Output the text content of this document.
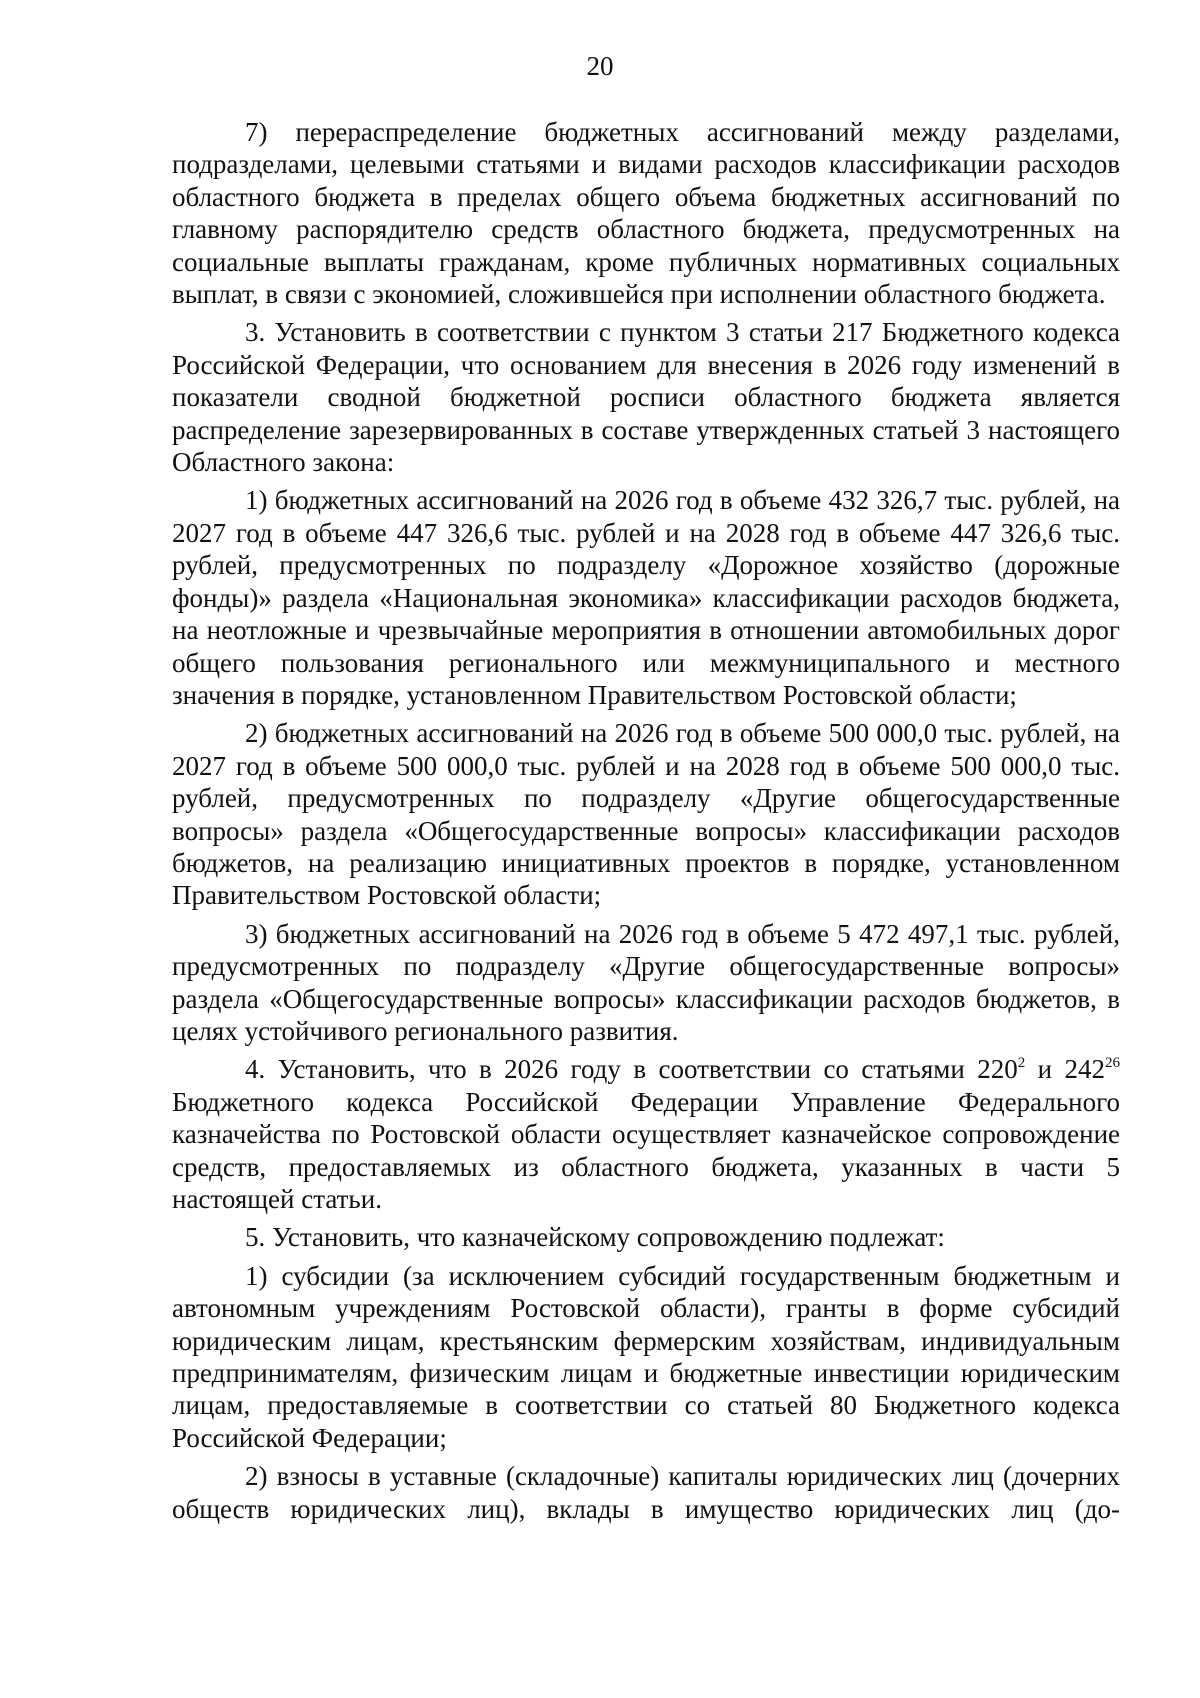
20

7) перераспределение бюджетных ассигнований между разделами, подразделами, целевыми статьями и видами расходов классификации расходов областного бюджета в пределах общего объема бюджетных ассигнований по главному распорядителю средств областного бюджета, предусмотренных на социальные выплаты гражданам, кроме публичных нормативных социальных выплат, в связи с экономией, сложившейся при исполнении областного бюджета.

3. Установить в соответствии с пунктом 3 статьи 217 Бюджетного кодекса Российской Федерации, что основанием для внесения в 2026 году изменений в показатели сводной бюджетной росписи областного бюджета является распределение зарезервированных в составе утвержденных статьей 3 настоящего Областного закона:

1) бюджетных ассигнований на 2026 год в объеме 432 326,7 тыс. рублей, на 2027 год в объеме 447 326,6 тыс. рублей и на 2028 год в объеме 447 326,6 тыс. рублей, предусмотренных по подразделу «Дорожное хозяйство (дорожные фонды)» раздела «Национальная экономика» классификации расходов бюджета, на неотложные и чрезвычайные мероприятия в отношении автомобильных дорог общего пользования регионального или межмуниципального и местного значения в порядке, установленном Правительством Ростовской области;

2) бюджетных ассигнований на 2026 год в объеме 500 000,0 тыс. рублей, на 2027 год в объеме 500 000,0 тыс. рублей и на 2028 год в объеме 500 000,0 тыс. рублей, предусмотренных по подразделу «Другие общегосударственные вопросы» раздела «Общегосударственные вопросы» классификации расходов бюджетов, на реализацию инициативных проектов в порядке, установленном Правительством Ростовской области;

3) бюджетных ассигнований на 2026 год в объеме 5 472 497,1 тыс. рублей, предусмотренных по подразделу «Другие общегосударственные вопросы» раздела «Общегосударственные вопросы» классификации расходов бюджетов, в целях устойчивого регионального развития.

4. Установить, что в 2026 году в соответствии со статьями $220^2$ и $242^{26}$ Бюджетного кодекса Российской Федерации Управление Федерального казначейства по Ростовской области осуществляет казначейское сопровождение средств, предоставляемых из областного бюджета, указанных в части 5 настоящей статьи.

5. Установить, что казначейскому сопровождению подлежат:

1) субсидии (за исключением субсидий государственным бюджетным и автономным учреждениям Ростовской области), гранты в форме субсидий юридическим лицам, крестьянским фермерским хозяйствам, индивидуальным предпринимателям, физическим лицам и бюджетные инвестиции юридическим лицам, предоставляемые в соответствии со статьей 80 Бюджетного кодекса Российской Федерации;

2) взносы в уставные (складочные) капиталы юридических лиц (дочерних обществ юридических лиц), вклады в имущество юридических лиц (до-
